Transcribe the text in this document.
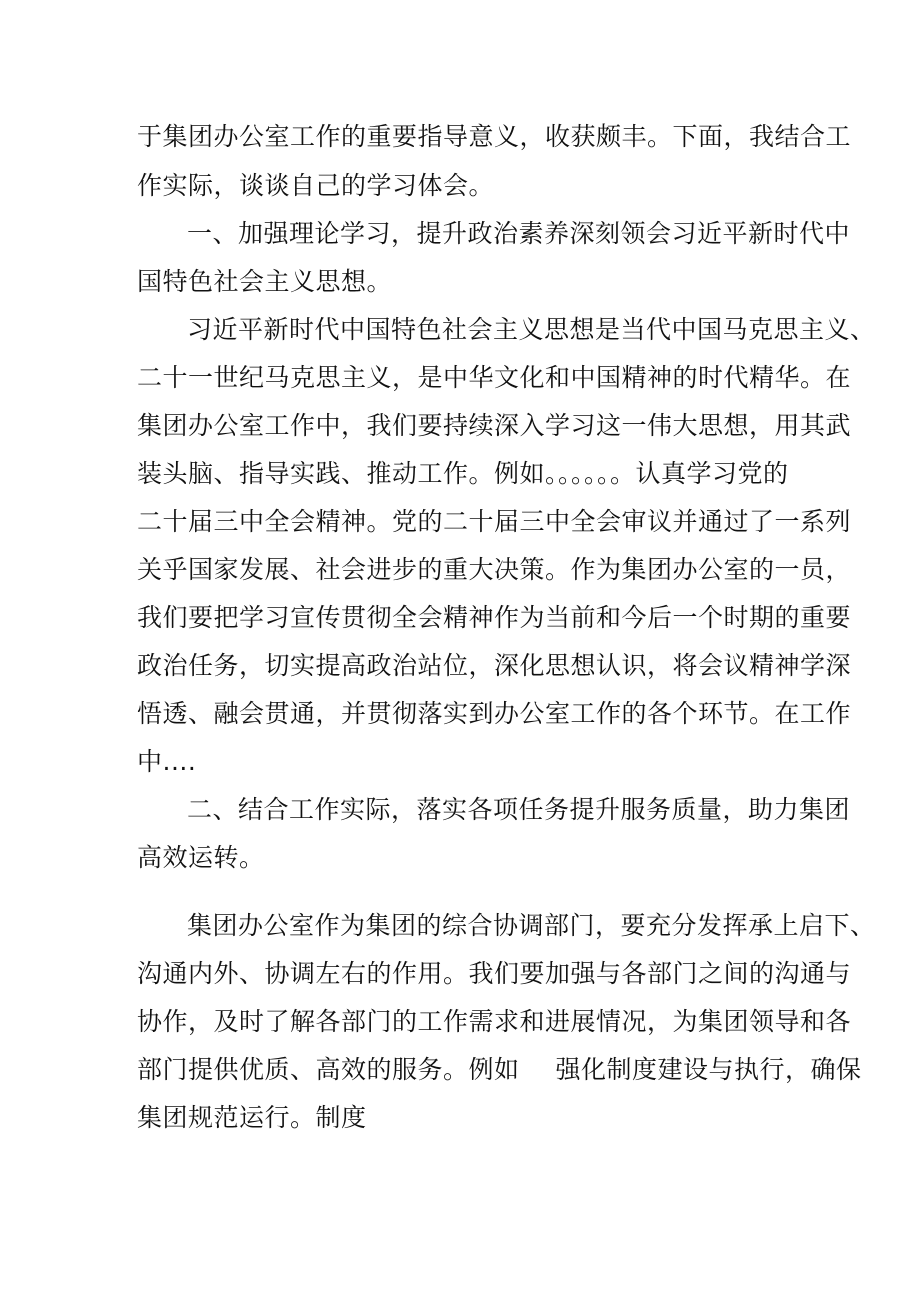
于集团办公室工作的重要指导意义，收获颇丰。下面，我结合工
作实际，谈谈自己的学习体会。
一、加强理论学习，提升政治素养深刻领会习近平新时代中
国特色社会主义思想。
习近平新时代中国特色社会主义思想是当代中国马克思主义、
二十一世纪马克思主义，是中华文化和中国精神的时代精华。在
集团办公室工作中，我们要持续深入学习这一伟大思想，用其武
装头脑、指导实践、推动工作。例如。。。。。。认真学习党的
二十届三中全会精神。党的二十届三中全会审议并通过了一系列
关乎国家发展、社会进步的重大决策。作为集团办公室的一员，
我们要把学习宣传贯彻全会精神作为当前和今后一个时期的重要
政治任务，切实提高政治站位，深化思想认识，将会议精神学深
悟透、融会贯通，并贯彻落实到办公室工作的各个环节。在工作
中....
二、结合工作实际，落实各项任务提升服务质量，助力集团
高效运转。
集团办公室作为集团的综合协调部门，要充分发挥承上启下、
沟通内外、协调左右的作用。我们要加强与各部门之间的沟通与
协作，及时了解各部门的工作需求和进展情况，为集团领导和各
部门提供优质、高效的服务。例如 强化制度建设与执行，确保
集团规范运行。制度
